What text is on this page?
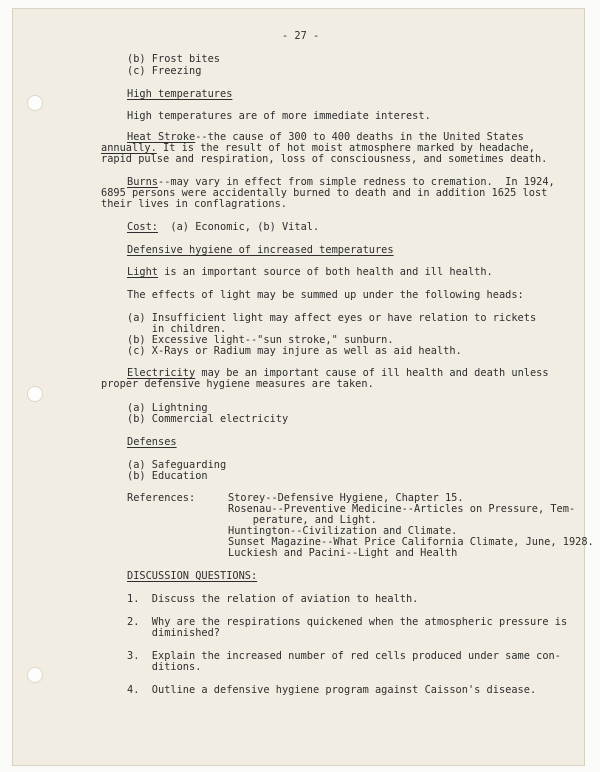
- 27 -

(b) Frost bites

(c) Freezing

High temperatures

High temperatures are of more immediate interest.

Heat Stroke--the cause of 300 to 400 deaths in the United States

annually. It is the result of hot moist atmosphere marked by headache,

rapid pulse and respiration, loss of consciousness, and sometimes death.

Burns--may vary in effect from simple redness to cremation.  In 1924,

6895 persons were accidentally burned to death and in addition 1625 lost

their lives in conflagrations.

Cost:  (a) Economic, (b) Vital.

Defensive hygiene of increased temperatures

Light is an important source of both health and ill health.

The effects of light may be summed up under the following heads:

(a) Insufficient light may affect eyes or have relation to rickets

in children.

(b) Excessive light--"sun stroke," sunburn.

(c) X-Rays or Radium may injure as well as aid health.

Electricity may be an important cause of ill health and death unless

proper defensive hygiene measures are taken.

(a) Lightning

(b) Commercial electricity

Defenses

(a) Safeguarding

(b) Education

References:	Storey--Defensive Hygiene, Chapter 15.

Rosenau--Preventive Medicine--Articles on Pressure, Tem-

perature, and Light.

Huntington--Civilization and Climate.

Sunset Magazine--What Price California Climate, June, 1928.

Luckiesh and Pacini--Light and Health

DISCUSSION QUESTIONS:

1.  Discuss the relation of aviation to health.

2.  Why are the respirations quickened when the atmospheric pressure is

diminished?

3.  Explain the increased number of red cells produced under same con-

ditions.

4.  Outline a defensive hygiene program against Caisson's disease.
